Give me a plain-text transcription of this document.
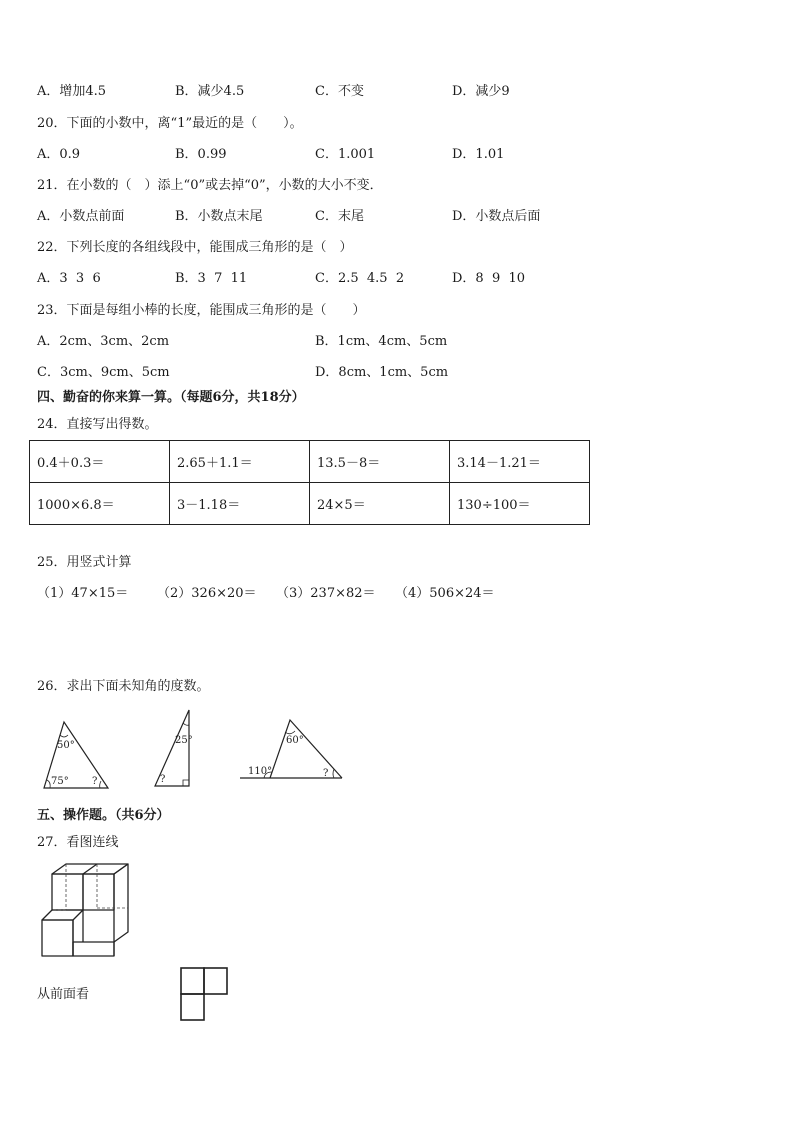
A．增加4.5	B．减少4.5	C．不变	D．减少9
20．下面的小数中，离“1”最近的是（　　）。
A．0.9	B．0.99	C．1.001	D．1.01
21．在小数的（　）添上“0”或去掉“0”，小数的大小不变．
A．小数点前面	B．小数点末尾	C．末尾	D．小数点后面
22．下列长度的各组线段中，能围成三角形的是（　）
A．3  3  6	B．3  7  11	C．2.5  4.5  2	D．8  9  10
23．下面是每组小棒的长度，能围成三角形的是（　　）
A．2cm、3cm、2cm	B．1cm、4cm、5cm
C．3cm、9cm、5cm	D．8cm、1cm、5cm
四、勤奋的你来算一算。（每题6分，共18分）
24．直接写出得数。
0.4＋0.3＝	2.65＋1.1＝	13.5－8＝	3.14－1.21＝
1000×6.8＝	3－1.18＝	24×5＝	130÷100＝
25．用竖式计算
（1）47×15＝ （2）326×20＝ （3）237×82＝ （4）506×24＝
26．求出下面未知角的度数。
50°
75° ?
25°
?
60°
110°	?
五、操作题。（共6分）
27．看图连线
从前面看
